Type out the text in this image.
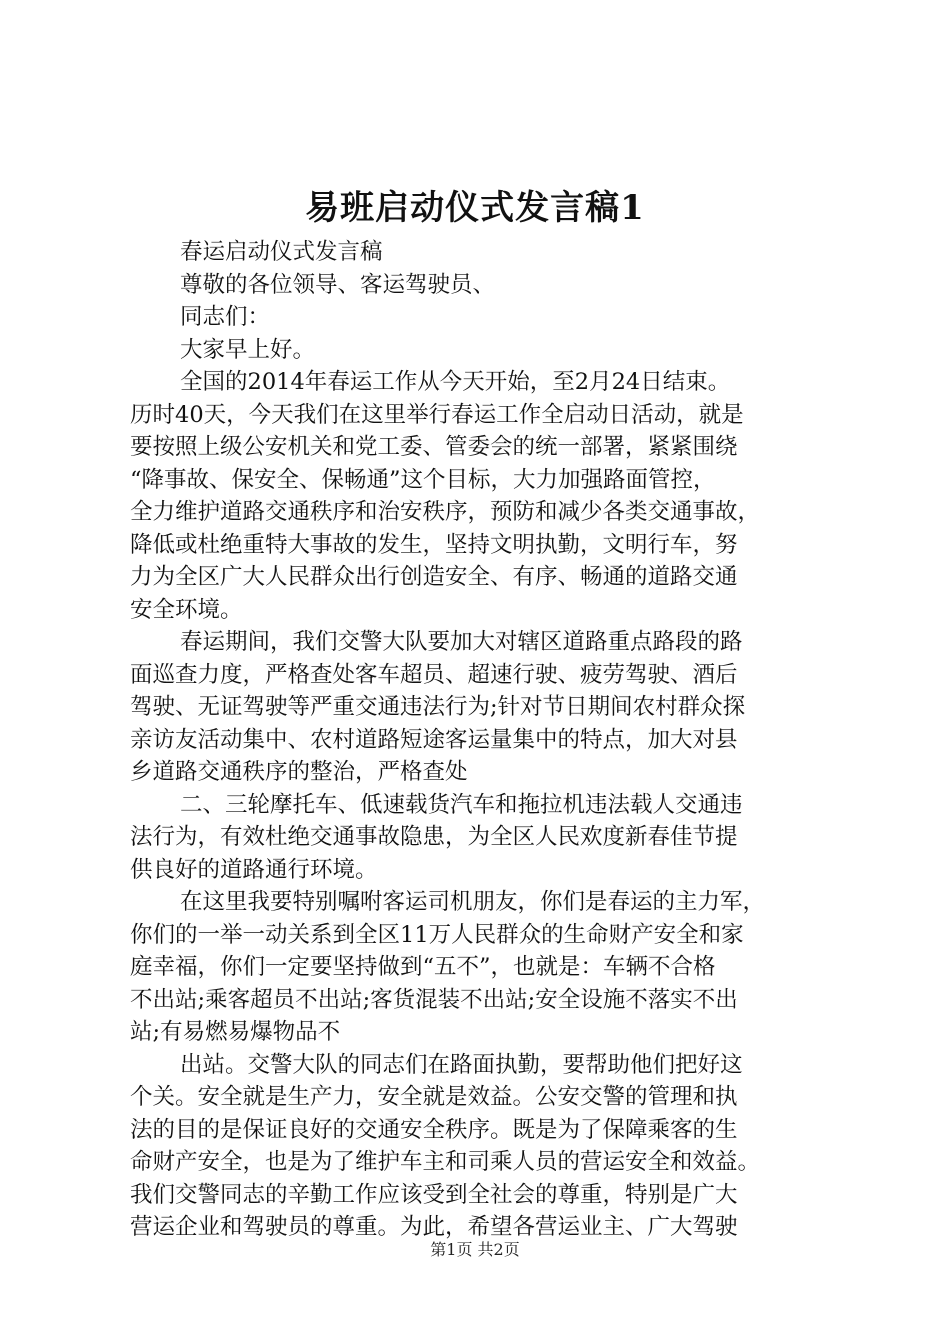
易班启动仪式发言稿1
春运启动仪式发言稿
尊敬的各位领导、客运驾驶员、
同志们：
大家早上好。
全国的2014年春运工作从今天开始，至2月24日结束。
历时40天，今天我们在这里举行春运工作全启动日活动，就是
要按照上级公安机关和党工委、管委会的统一部署，紧紧围绕
“降事故、保安全、保畅通”这个目标，大力加强路面管控，
全力维护道路交通秩序和治安秩序，预防和减少各类交通事故，
降低或杜绝重特大事故的发生，坚持文明执勤，文明行车，努
力为全区广大人民群众出行创造安全、有序、畅通的道路交通
安全环境。
春运期间，我们交警大队要加大对辖区道路重点路段的路
面巡查力度，严格查处客车超员、超速行驶、疲劳驾驶、酒后
驾驶、无证驾驶等严重交通违法行为;针对节日期间农村群众探
亲访友活动集中、农村道路短途客运量集中的特点，加大对县
乡道路交通秩序的整治，严格查处
二、三轮摩托车、低速载货汽车和拖拉机违法载人交通违
法行为，有效杜绝交通事故隐患，为全区人民欢度新春佳节提
供良好的道路通行环境。
在这里我要特别嘱咐客运司机朋友，你们是春运的主力军，
你们的一举一动关系到全区11万人民群众的生命财产安全和家
庭幸福，你们一定要坚持做到“五不”，也就是：车辆不合格
不出站;乘客超员不出站;客货混装不出站;安全设施不落实不出
站;有易燃易爆物品不
出站。交警大队的同志们在路面执勤，要帮助他们把好这
个关。安全就是生产力，安全就是效益。公安交警的管理和执
法的目的是保证良好的交通安全秩序。既是为了保障乘客的生
命财产安全，也是为了维护车主和司乘人员的营运安全和效益。
我们交警同志的辛勤工作应该受到全社会的尊重，特别是广大
营运企业和驾驶员的尊重。为此，希望各营运业主、广大驾驶
第1页 共2页
